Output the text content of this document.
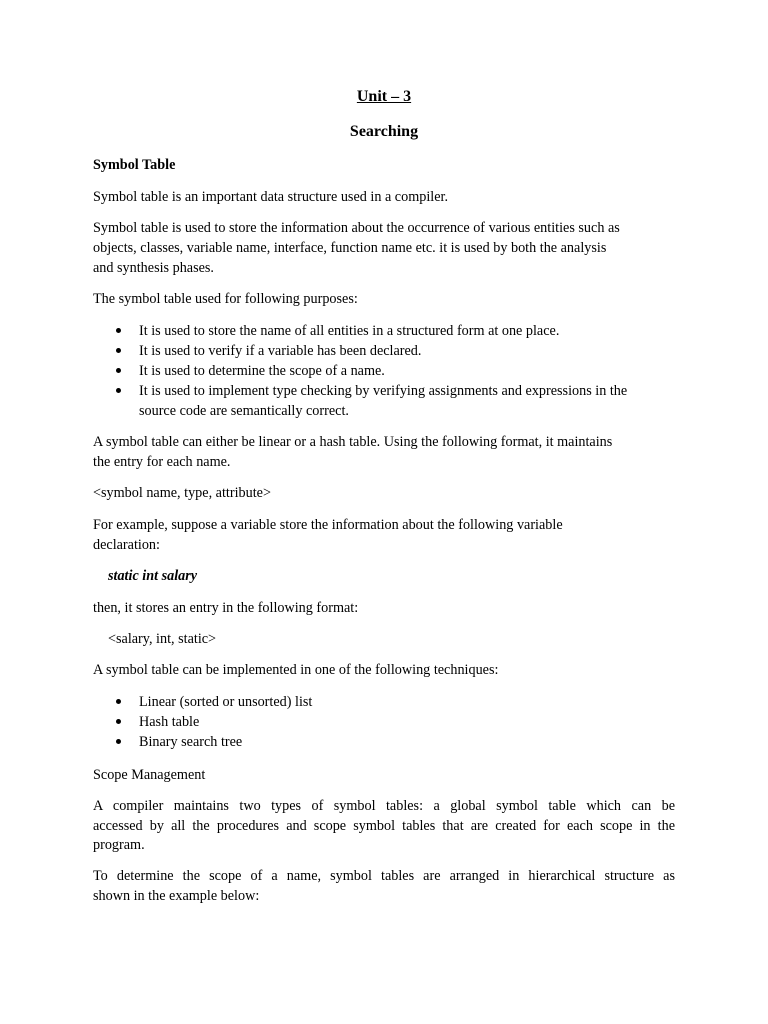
Unit – 3
Searching

Symbol Table

Symbol table is an important data structure used in a compiler.

Symbol table is used to store the information about the occurrence of various entities such as

objects, classes, variable name, interface, function name etc. it is used by both the analysis

and synthesis phases.

The symbol table used for following purposes:

It is used to store the name of all entities in a structured form at one place.
It is used to verify if a variable has been declared.
It is used to determine the scope of a name.
It is used to implement type checking by verifying assignments and expressions in the
source code are semantically correct.

A symbol table can either be linear or a hash table. Using the following format, it maintains

the entry for each name.

<symbol name, type, attribute>

For example, suppose a variable store the information about the following variable

declaration:

static int salary

then, it stores an entry in the following format:

<salary, int, static>

A symbol table can be implemented in one of the following techniques:

Linear (sorted or unsorted) list
Hash table
Binary search tree

Scope Management

A compiler maintains two types of symbol tables: a global symbol table which can be

accessed by all the procedures and scope symbol tables that are created for each scope in the

program.

To determine the scope of a name, symbol tables are arranged in hierarchical structure as

shown in the example below:
